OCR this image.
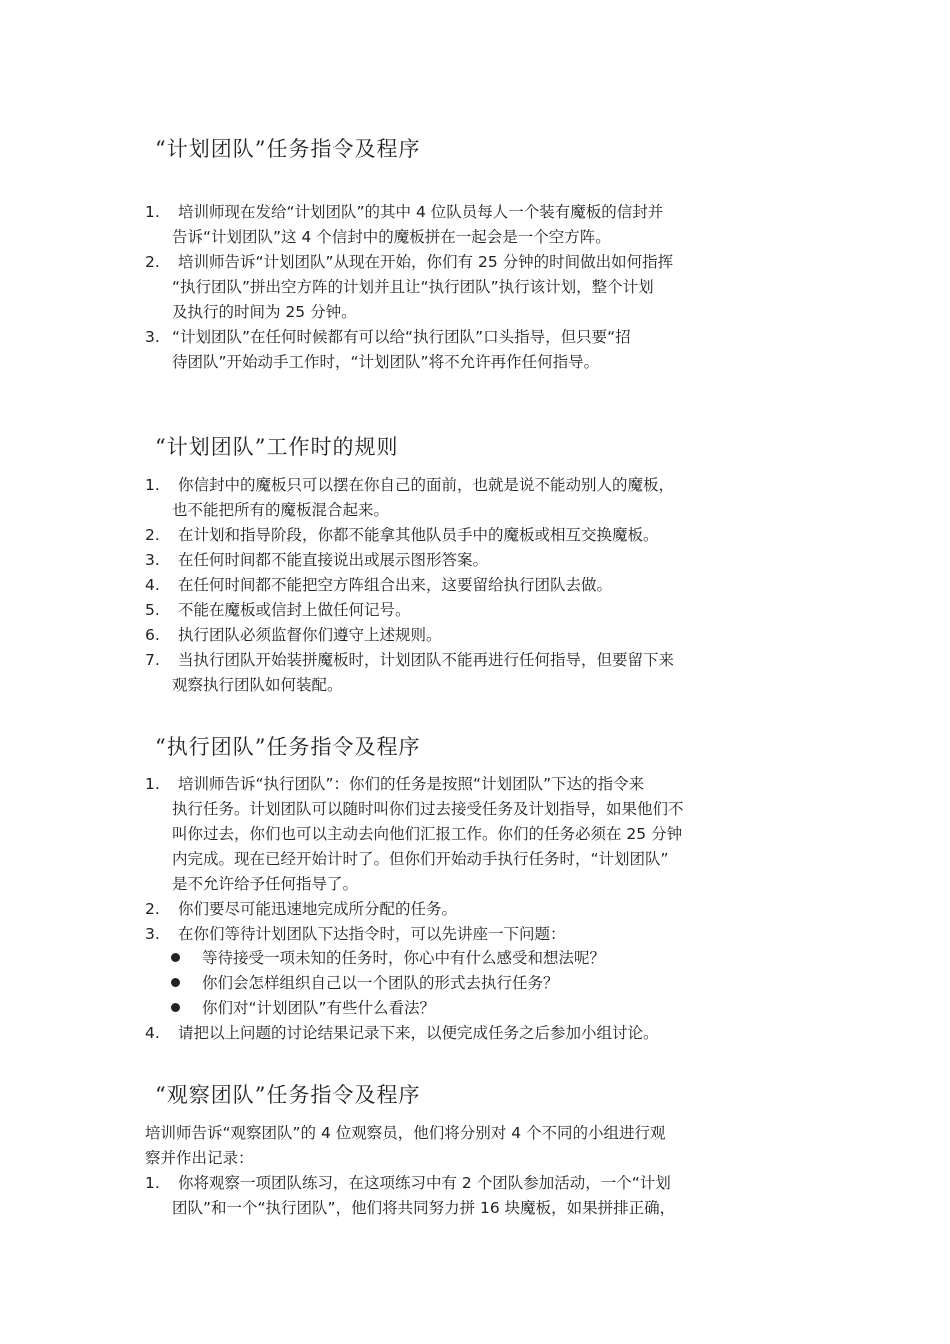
“计划团队”任务指令及程序
1. 培训师现在发给“计划团队”的其中 4 位队员每人一个装有魔板的信封并
告诉“计划团队”这 4 个信封中的魔板拼在一起会是一个空方阵。
2. 培训师告诉“计划团队”从现在开始，你们有 25 分钟的时间做出如何指挥
“执行团队”拼出空方阵的计划并且让“执行团队”执行该计划，整个计划
及执行的时间为 25 分钟。
3. “计划团队”在任何时候都有可以给“执行团队”口头指导，但只要“招
待团队”开始动手工作时，“计划团队”将不允许再作任何指导。
“计划团队”工作时的规则
1. 你信封中的魔板只可以摆在你自己的面前，也就是说不能动别人的魔板，
也不能把所有的魔板混合起来。
2. 在计划和指导阶段，你都不能拿其他队员手中的魔板或相互交换魔板。
3. 在任何时间都不能直接说出或展示图形答案。
4. 在任何时间都不能把空方阵组合出来，这要留给执行团队去做。
5. 不能在魔板或信封上做任何记号。
6. 执行团队必须监督你们遵守上述规则。
7. 当执行团队开始装拼魔板时，计划团队不能再进行任何指导，但要留下来
观察执行团队如何装配。
“执行团队”任务指令及程序
1. 培训师告诉“执行团队”：你们的任务是按照“计划团队”下达的指令来
执行任务。计划团队可以随时叫你们过去接受任务及计划指导，如果他们不
叫你过去，你们也可以主动去向他们汇报工作。你们的任务必须在 25 分钟
内完成。现在已经开始计时了。但你们开始动手执行任务时，“计划团队”
是不允许给予任何指导了。
2. 你们要尽可能迅速地完成所分配的任务。
3. 在你们等待计划团队下达指令时，可以先讲座一下问题：
等待接受一项未知的任务时，你心中有什么感受和想法呢？
你们会怎样组织自己以一个团队的形式去执行任务？
你们对“计划团队”有些什么看法？
4. 请把以上问题的讨论结果记录下来，以便完成任务之后参加小组讨论。
“观察团队”任务指令及程序
培训师告诉“观察团队”的 4 位观察员，他们将分别对 4 个不同的小组进行观
察并作出记录：
1. 你将观察一项团队练习，在这项练习中有 2 个团队参加活动，一个“计划
团队”和一个“执行团队”，他们将共同努力拼 16 块魔板，如果拼排正确，
